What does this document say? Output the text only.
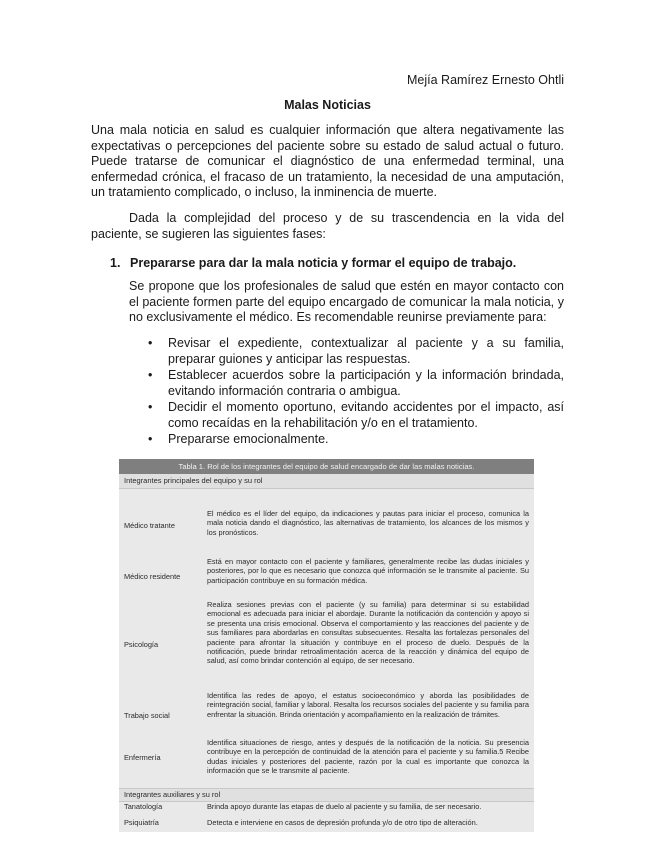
Mejía Ramírez Ernesto Ohtli
Malas Noticias

Una mala noticia en salud es cualquier información que altera negativamente las expectativas o percepciones del paciente sobre su estado de salud actual o futuro. Puede tratarse de comunicar el diagnóstico de una enfermedad terminal, una enfermedad crónica, el fracaso de un tratamiento, la necesidad de una amputación, un tratamiento complicado, o incluso, la inminencia de muerte.

Dada la complejidad del proceso y de su trascendencia en la vida del paciente, se sugieren las siguientes fases:

1. Prepararse para dar la mala noticia y formar el equipo de trabajo.

Se propone que los profesionales de salud que estén en mayor contacto con el paciente formen parte del equipo encargado de comunicar la mala noticia, y no exclusivamente el médico. Es recomendable reunirse previamente para:

• Revisar el expediente, contextualizar al paciente y a su familia, preparar guiones y anticipar las respuestas.
• Establecer acuerdos sobre la participación y la información brindada, evitando información contraria o ambigua.
• Decidir el momento oportuno, evitando accidentes por el impacto, así como recaídas en la rehabilitación y/o en el tratamiento.
• Prepararse emocionalmente.
Tabla 1. Rol de los integrantes del equipo de salud encargado de dar las malas noticias.
Integrantes principales del equipo y su rol
Médico tratante
El médico es el líder del equipo, da indicaciones y pautas para iniciar el proceso, comunica la mala noticia dando el diagnóstico, las alternativas de tratamiento, los alcances de los mismos y los pronósticos.
Médico residente
Está en mayor contacto con el paciente y familiares, generalmente recibe las dudas iniciales y posteriores, por lo que es necesario que conozca qué información se le transmite al paciente. Su participación contribuye en su formación médica.
Psicología
Realiza sesiones previas con el paciente (y su familia) para determinar si su estabilidad emocional es adecuada para iniciar el abordaje. Durante la notificación da contención y apoyo si se presenta una crisis emocional. Observa el comportamiento y las reacciones del paciente y de sus familiares para abordarlas en consultas subsecuentes. Resalta las fortalezas personales del paciente para afrontar la situación y contribuye en el proceso de duelo. Después de la notificación, puede brindar retroalimentación acerca de la reacción y dinámica del equipo de salud, así como brindar contención al equipo, de ser necesario.
Trabajo social
Identifica las redes de apoyo, el estatus socioeconómico y aborda las posibilidades de reintegración social, familiar y laboral. Resalta los recursos sociales del paciente y su familia para enfrentar la situación. Brinda orientación y acompañamiento en la realización de trámites.
Enfermería
Identifica situaciones de riesgo, antes y después de la notificación de la noticia. Su presencia contribuye en la percepción de continuidad de la atención para el paciente y su familia.5 Recibe dudas iniciales y posteriores del paciente, razón por la cual es importante que conozca la información que se le transmite al paciente.
Integrantes auxiliares y su rol
Tanatología	Brinda apoyo durante las etapas de duelo al paciente y su familia, de ser necesario.
Psiquiatría	Detecta e interviene en casos de depresión profunda y/o de otro tipo de alteración.
